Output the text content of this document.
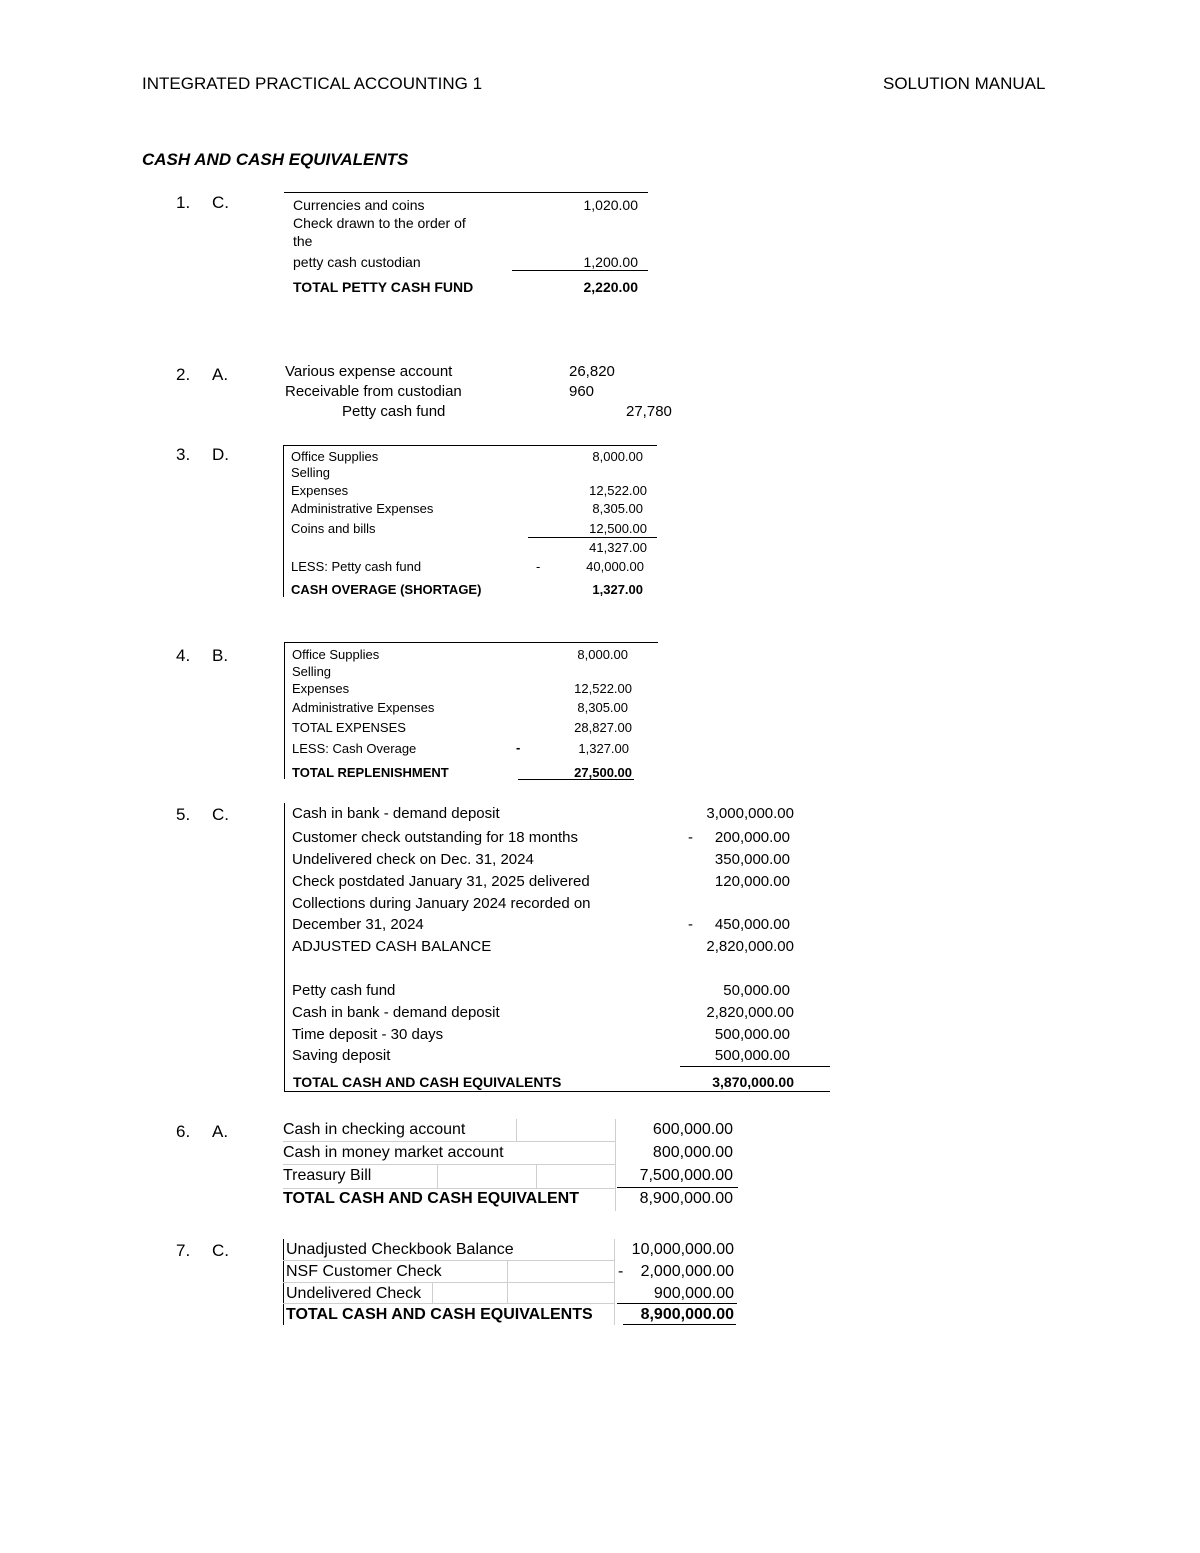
INTEGRATED PRACTICAL ACCOUNTING 1	SOLUTION MANUAL
CASH AND CASH EQUIVALENTS
1. C.	Currencies and coins	1,020.00
Check drawn to the order of
the
petty cash custodian	1,200.00
TOTAL PETTY CASH FUND	2,220.00
2. A.	Various expense account	26,820
Receivable from custodian	960
Petty cash fund	27,780
3. D.	Office Supplies	8,000.00
Selling
Expenses	12,522.00
Administrative Expenses	8,305.00
Coins and bills	12,500.00
41,327.00
LESS: Petty cash fund	-	40,000.00
CASH OVERAGE (SHORTAGE)	1,327.00
4. B.	Office Supplies	8,000.00
Selling
Expenses	12,522.00
Administrative Expenses	8,305.00
TOTAL EXPENSES	28,827.00
LESS: Cash Overage	-	1,327.00
TOTAL REPLENISHMENT	27,500.00
5. C.	Cash in bank - demand deposit	3,000,000.00
Customer check outstanding for 18 months	-	200,000.00
Undelivered check on Dec. 31, 2024	350,000.00
Check postdated January 31, 2025 delivered	120,000.00
Collections during January 2024 recorded on
December 31, 2024	-	450,000.00
ADJUSTED CASH BALANCE	2,820,000.00
Petty cash fund	50,000.00
Cash in bank - demand deposit	2,820,000.00
Time deposit - 30 days	500,000.00
Saving deposit	500,000.00
TOTAL CASH AND CASH EQUIVALENTS	3,870,000.00
6. A.	Cash in checking account	600,000.00
Cash in money market account	800,000.00
Treasury Bill	7,500,000.00
TOTAL CASH AND CASH EQUIVALENT	8,900,000.00
7. C.	Unadjusted Checkbook Balance	10,000,000.00
NSF Customer Check	-	2,000,000.00
Undelivered Check	900,000.00
TOTAL CASH AND CASH EQUIVALENTS	8,900,000.00
